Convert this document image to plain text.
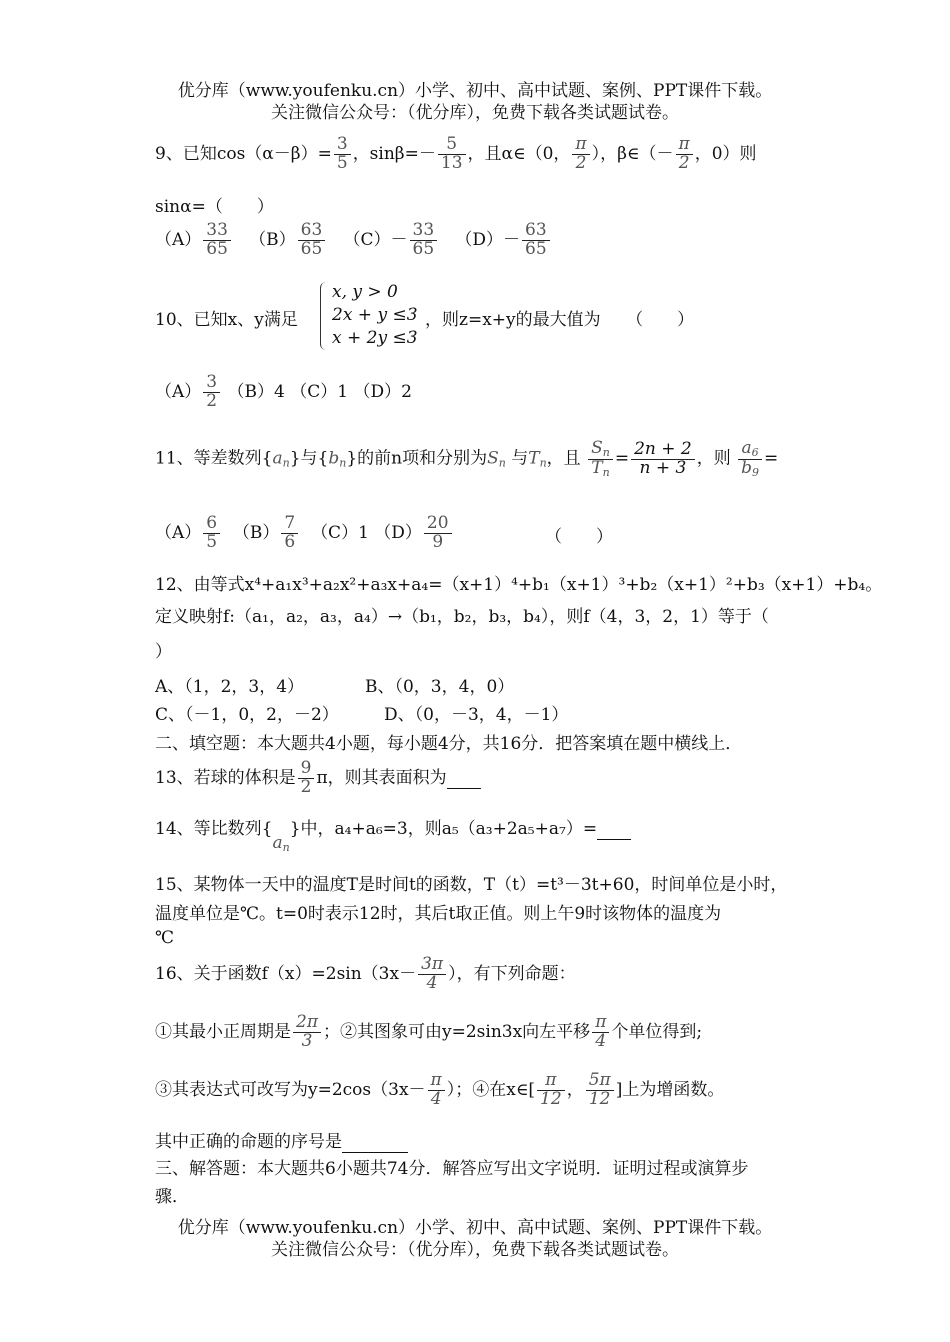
优分库（www.youfenku.cn）小学、初中、高中试题、案例、PPT课件下载。
关注微信公众号：（优分库），免费下载各类试题试卷。
9、已知$\cos(\alpha-\beta)= \frac{3}{5}$ ，$\sin\beta=- \frac{5}{13}$ ，且α∈（0， $\frac{\pi}{2}$ ），β∈（－ $\frac{\pi}{2}$ ，0）则
sinα=（　　）
$(A) \frac{33}{65} (B) \frac{63}{65} (C)- \frac{33}{65} (D)- \frac{63}{65}$
10、已知x、y满足
x, y > 0
2x + y ≤3
x + 2y ≤3
，则z=x+y的最大值为　　（　　）
$(A) \frac{3}{2} (B)4$ （C）1 （D）2
11、等差数列$\{a_n\}$与$\{b_n\}$的前n项和分别为$S_n$ 与$T_n$，且 $\frac{S_n}{T_n} = \frac{2n + 2}{n + 3}$ ，则 $\frac{a_6}{b_9}$ =
$(A) \frac{6}{5} (B) \frac{7}{6} (C)1$ $(D) \frac{20}{9}$	（　　）
12、由等式x⁴+a₁x³+a₂x²+a₃x+a₄=（x+1）⁴+b₁（x+1）³+b₂（x+1）²+b₃（x+1）+b₄。
定义映射f:（a₁，a₂，a₃，a₄）→（b₁，b₂，b₃，b₄），则f（4，3，2，1）等于（
）
A、（1，2，3，4）	B、（0，3，4，0）
C、（－1，0，2，－2）	D、（0，－3，4，－1）
二、填空题：本大题共4小题，每小题4分，共16分．把答案填在题中横线上．
13、若球的体积是 $\frac{9}{2}$ π，则其表面积为
14、等比数列$\{a_n\}$中，a₄+a₆=3，则a₅（a₃+2a₅+a₇）=
15、某物体一天中的温度T是时间t的函数，T（t）=t³－3t+60，时间单位是小时，
温度单位是℃。t=0时表示12时，其后t取正值。则上午9时该物体的温度为
℃
16、关于函数$f(x)=2\sin(3x- \frac{3\pi}{4}$ ），有下列命题：
①其最小正周期是 $\frac{2\pi}{3}$ ；②其图象可由y=2sin3x向左平移 $\frac{\pi}{4}$ 个单位得到;
③其表达式可改写为$y=2\cos(3x- \frac{\pi}{4}$ ）；④在x∈[ $\frac{\pi}{12}$ ， $\frac{5\pi}{12}$ ]上为增函数。
其中正确的命题的序号是
三、解答题：本大题共6小题共74分．解答应写出文字说明．证明过程或演算步
骤．
优分库（www.youfenku.cn）小学、初中、高中试题、案例、PPT课件下载。
关注微信公众号：（优分库），免费下载各类试题试卷。
